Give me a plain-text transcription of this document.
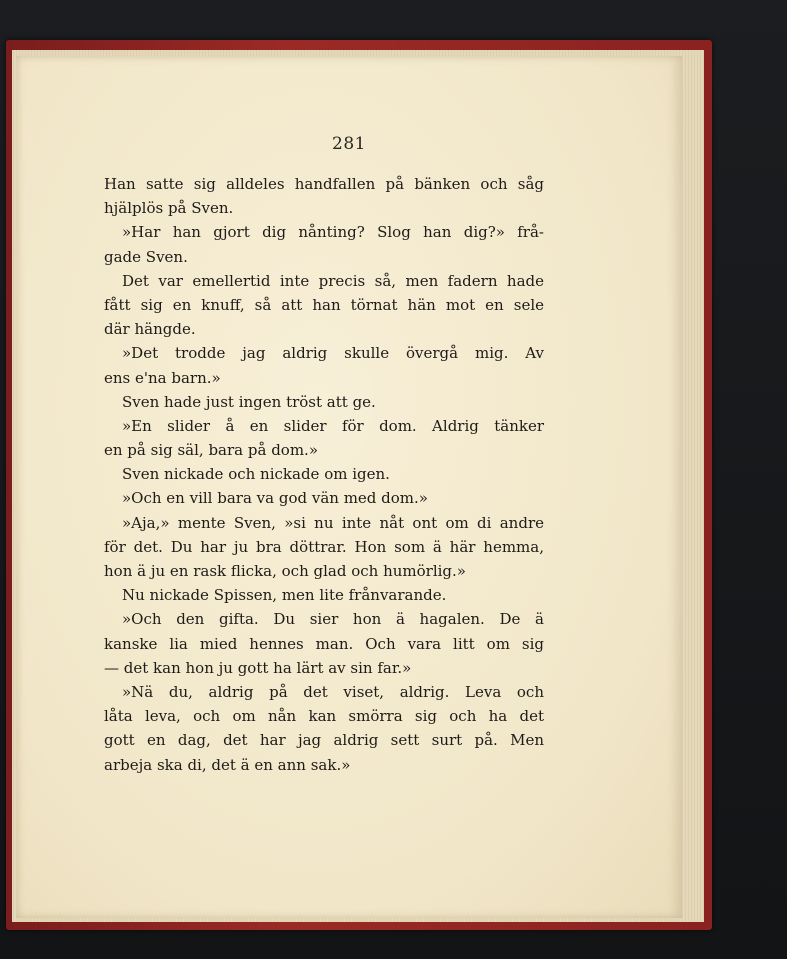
281
Han satte sig alldeles handfallen på bänken och såg
hjälplös på Sven.
»Har han gjort dig nånting? Slog han dig?» frå-
gade Sven.
Det var emellertid inte precis så, men fadern hade
fått sig en knuff, så att han törnat hän mot en sele
där hängde.
»Det trodde jag aldrig skulle övergå mig. Av
ens e'na barn.»
Sven hade just ingen tröst att ge.
»En slider å en slider för dom. Aldrig tänker
en på sig säl, bara på dom.»
Sven nickade och nickade om igen.
»Och en vill bara va god vän med dom.»
»Aja,» mente Sven, »si nu inte nåt ont om di andre
för det. Du har ju bra döttrar. Hon som ä här hemma,
hon ä ju en rask flicka, och glad och humörlig.»
Nu nickade Spissen, men lite frånvarande.
»Och den gifta. Du sier hon ä hagalen. De ä
kanske lia mied hennes man. Och vara litt om sig
— det kan hon ju gott ha lärt av sin far.»
»Nä du, aldrig på det viset, aldrig. Leva och
låta leva, och om nån kan smörra sig och ha det
gott en dag, det har jag aldrig sett surt på. Men
arbeja ska di, det ä en ann sak.»
